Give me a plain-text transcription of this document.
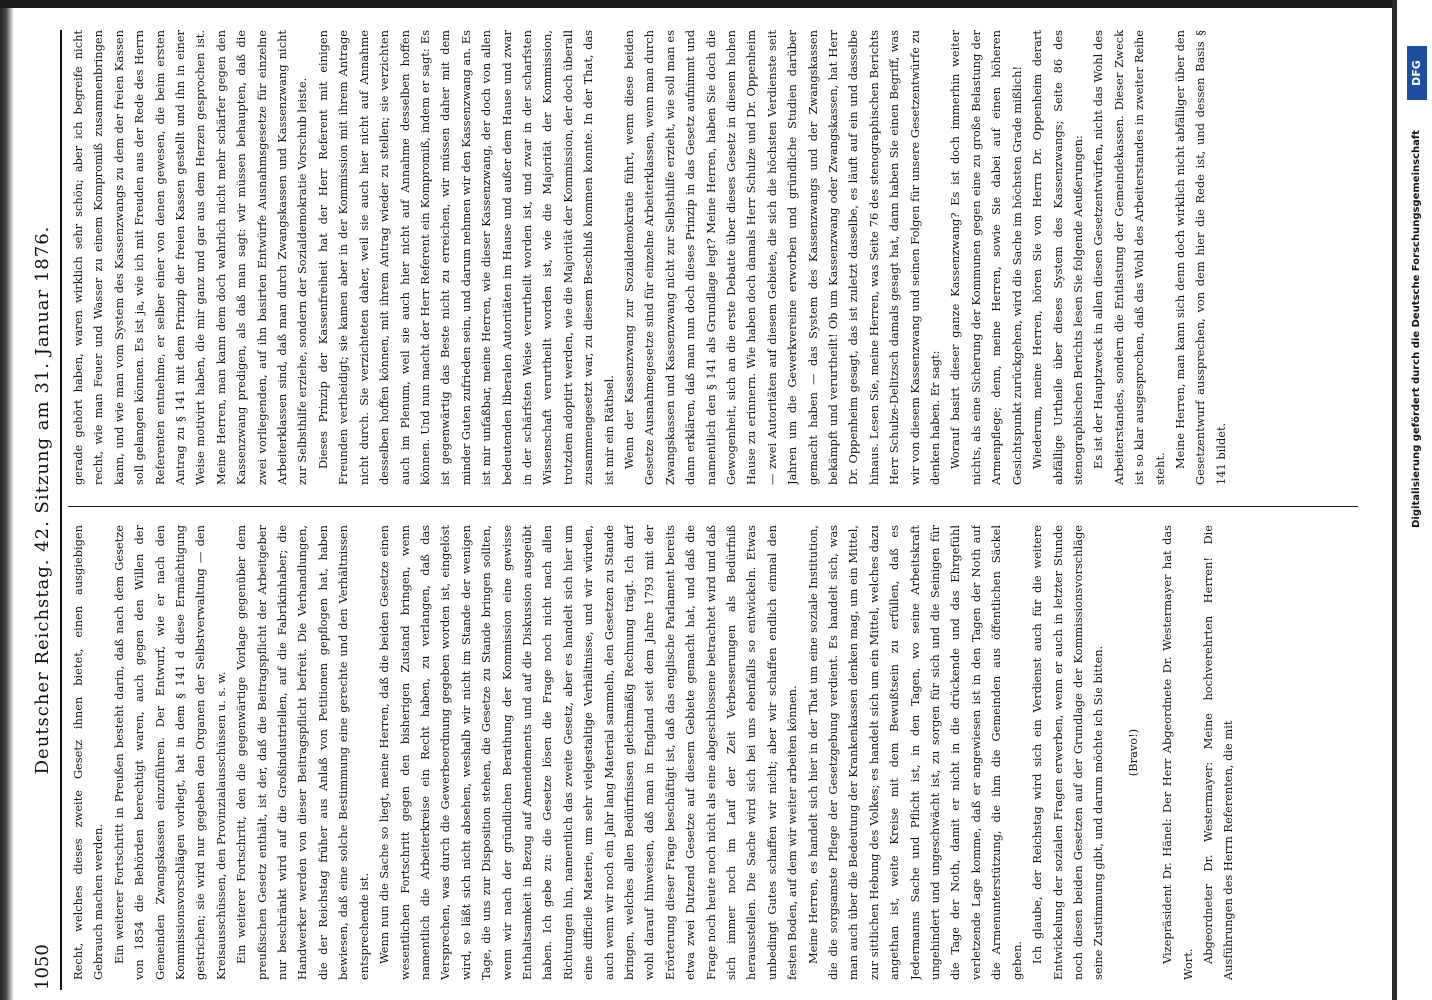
1050
Deutscher Reichstag. 42. Sitzung am 31. Januar 1876. Recht, welches dieses zweite Gesetz ihnen bietet, einen ausgiebigen Gebrauch machen werden. Ein weiterer Fortschritt in Preußen besteht darin, daß nach dem Gesetze von 1854 die Behörden berechtigt waren, auch gegen den Willen der Gemeinden Zwangskassen einzuführen. Der Entwurf, wie er nach den Kommissionsvorschlägen vorliegt, hat in dem § 141 d diese Ermächtigung gestrichen; sie wird nur gegeben den Organen der Selbstverwaltung — den Kreisausschüssen, den Provinzialausschüssen u. s. w. Ein weiterer Fortschritt, den die gegenwärtige Vorlage gegenüber dem preußischen Gesetz enthält, ist der, daß die Beitragspflicht der Arbeitgeber nur beschränkt wird auf die Großindustriellen, auf die Fabrikinhaber; die Handwerker werden von dieser Beitragspflicht befreit. Die Verhandlungen, die der Reichstag früher aus Anlaß von Petitionen gepflogen hat, haben bewiesen, daß eine solche Bestimmung eine gerechte und den Verhältnissen entsprechende ist. Wenn nun die Sache so liegt, meine Herren, daß die beiden Gesetze einen wesentlichen Fortschritt gegen den bisherigen Zustand bringen, wenn namentlich die Arbeiterkreise ein Recht haben, zu verlangen, daß das Versprechen, was durch die Gewerbeordnung gegeben worden ist, eingelöst wird, so läßt sich nicht absehen, weshalb wir nicht im Stande der wenigen Tage, die uns zur Disposition stehen, die Gesetze zu Stande bringen sollten, wenn wir nach der gründlichen Berathung der Kommission eine gewisse Enthaltsamkeit in Bezug auf Amendements und auf die Diskussion ausgeübt haben. Ich gebe zu: die Gesetze lösen die Frage noch nicht nach allen Richtungen hin, namentlich das zweite Gesetz, aber es handelt sich hier um eine difficile Materie, um sehr vielgestaltige Verhältnisse, und wir würden, auch wenn wir noch ein Jahr lang Material sammeln, den Gesetzen zu Stande bringen, welches allen Bedürfnissen gleichmäßig Rechnung trägt. Ich darf wohl darauf hinweisen, daß man in England seit dem Jahre 1793 mit der Erörterung dieser Frage beschäftigt ist, daß das englische Parlament bereits etwa zwei Dutzend Gesetze auf diesem Gebiete gemacht hat, und daß die Frage noch heute noch nicht als eine abgeschlossene betrachtet wird und daß sich immer noch im Lauf der Zeit Verbesserungen als Bedürfniß herausstellen. Die Sache wird sich bei uns ebenfalls so entwickeln. Etwas unbedingt Gutes schaffen wir nicht; aber wir schaffen endlich einmal den festen Boden, auf dem wir weiter arbeiten können. Meine Herren, es handelt sich hier in der That um eine soziale Institution, die die sorgsamste Pflege der Gesetzgebung verdient. Es handelt sich, was man auch über die Bedeutung der Krankenkassen denken mag, um ein Mittel, zur sittlichen Hebung des Volkes; es handelt sich um ein Mittel, welches dazu angethan ist, weite Kreise mit dem Bewußtsein zu erfüllen, daß es Jedermanns Sache und Pflicht ist, in den Tagen, wo seine Arbeitskraft ungehindert und ungeschwächt ist, zu sorgen für sich und die Seinigen für die Tage der Noth, damit er nicht in die drückende und das Ehrgefühl verletzende Lage komme, daß er angewiesen ist in den Tagen der Noth auf die Armenunterstützung, die ihm die Gemeinden aus öffentlichen Säckel geben. Ich glaube, der Reichstag wird sich ein Verdienst auch für die weitere Entwickelung der sozialen Fragen erwerben, wenn er auch in letzter Stunde noch diesen beiden Gesetzen auf der Grundlage der Kommissionsvorschläge seine Zustimmung gibt, und darum möchte ich Sie bitten. (Bravo!) Vizepräsident Dr. Hänel: Der Herr Abgeordnete Dr. Westermayer hat das Wort.

Abgeordneter Dr. Westermayer: Meine hochverehrten Herren! Die Ausführungen des Herrn Referenten, die mit

gerade gehört haben, waren wirklich sehr schön; aber ich begreife nicht recht, wie man Feuer und Wasser zu einem Kompromiß zusammenbringen kann, und wie man vom System des Kassenzwangs zu dem der freien Kassen soll gelangen können. Es ist ja, wie ich mit Freuden aus der Rede des Herrn Referenten entnehme, er selber einer von denen gewesen, die beim ersten Antrag zu § 141 mit dem Prinzip der freien Kassen gestellt und ihn in einer Weise motivirt haben, die mir ganz und gar aus dem Herzen gesprochen ist. Meine Herren, man kann dem doch wahrlich nicht mehr schärfer gegen den Kassenzwang predigen, als daß man sagt: wir müssen behaupten, daß die zwei vorliegenden, auf ihn basirten Entwürfe Ausnahmsgesetze für einzelne Arbeiterklassen sind, daß man durch Zwangskassen und Kassenzwang nicht zur Selbsthilfe erziehe, sondern der Sozialdemokratie Vorschub leiste. Dieses Prinzip der Kassenfreiheit hat der Herr Referent mit einigen Freunden vertheidigt; sie kamen aber in der Kommission mit ihrem Antrage nicht durch. Sie verzichteten daher, weil sie auch hier nicht auf Annahme desselben hoffen können, mit ihrem Antrag wieder zu stellen; sie verzichten auch im Plenum, weil sie auch hier nicht auf Annahme desselben hoffen können. Und nun macht der Herr Referent ein Kompromiß, indem er sagt: Es ist gegenwärtig das Beste nicht zu erreichen, wir müssen daher mit dem minder Guten zufrieden sein, und darum nehmen wir den Kassenzwang an. Es ist mir unfaßbar, meine Herren, wie dieser Kassenzwang, der doch von allen bedeutenden liberalen Autoritäten im Hause und außer dem Hause und zwar in der schärfsten Weise verurtheilt worden ist, und zwar in der scharfsten Wissenschaft verurtheilt worden ist, wie die Majorität der Kommission, trotzdem adoptirt werden, wie die Majorität der Kommission, der doch überall zusammengesetzt war, zu diesem Beschluß kommen konnte. In der That, das ist mir ein Räthsel. Wenn der Kassenzwang zur Sozialdemokratie führt, wenn diese beiden Gesetze Ausnahmegesetze sind für einzelne Arbeiterklassen, wenn man durch Zwangskassen und Kassenzwang nicht zur Selbsthilfe erzieht, wie soll man es dann erklären, daß man nun doch dieses Prinzip in das Gesetz aufnimmt und namentlich den § 141 als Grundlage legt? Meine Herren, haben Sie doch die Gewogenheit, sich an die erste Debatte über dieses Gesetz in diesem hohen Hause zu erinnern. Wie haben doch damals Herr Schulze und Dr. Oppenheim — zwei Autoritäten auf diesem Gebiete, die sich die höchsten Verdienste seit Jahren um die Gewerkvereine erworben und gründliche Studien darüber gemacht haben — das System des Kassenzwangs und der Zwangskassen bekämpft und verurtheilt! Ob um Kassenzwang oder Zwangskassen, hat Herr Dr. Oppenheim gesagt, das ist zuletzt dasselbe, es läuft auf ein und dasselbe hinaus. Lesen Sie, meine Herren, was Seite 76 des stenographischen Berichts Herr Schulze-Delitzsch damals gesagt hat, dann haben Sie einen Begriff, was wir von diesem Kassenzwang und seinen Folgen für unsere Gesetzentwürfe zu denken haben. Er sagt: Worauf basirt dieser ganze Kassenzwang? Es ist doch immerhin weiter nichts, als eine Sicherung der Kommunen gegen eine zu große Belastung der Armenpflege; denn, meine Herren, sowie Sie dabei auf einen höheren Gesichtspunkt zurückgehen, wird die Sache im höchsten Grade mißlich! Wiederum, meine Herren, hören Sie von Herrn Dr. Oppenheim derart abfällige Urtheile über dieses System des Kassenzwangs; Seite 86 des stenographischen Berichts lesen Sie folgende Aeußerungen: Es ist der Hauptzweck in allen diesen Gesetzentwürfen, nicht das Wohl des Arbeiterstandes, sondern die Entlastung der Gemeindekassen. Dieser Zweck ist so klar ausgesprochen, daß das Wohl des Arbeiterstandes in zweiter Reihe steht. Meine Herren, man kann sich denn doch wirklich nicht abfälliger über den Gesetzentwurf aussprechen, von dem hier die Rede ist, und dessen Basis § 141 bildet.	Digitalisierung gefördert durch die Deutsche Forschungsgemeinschaft
DFG
